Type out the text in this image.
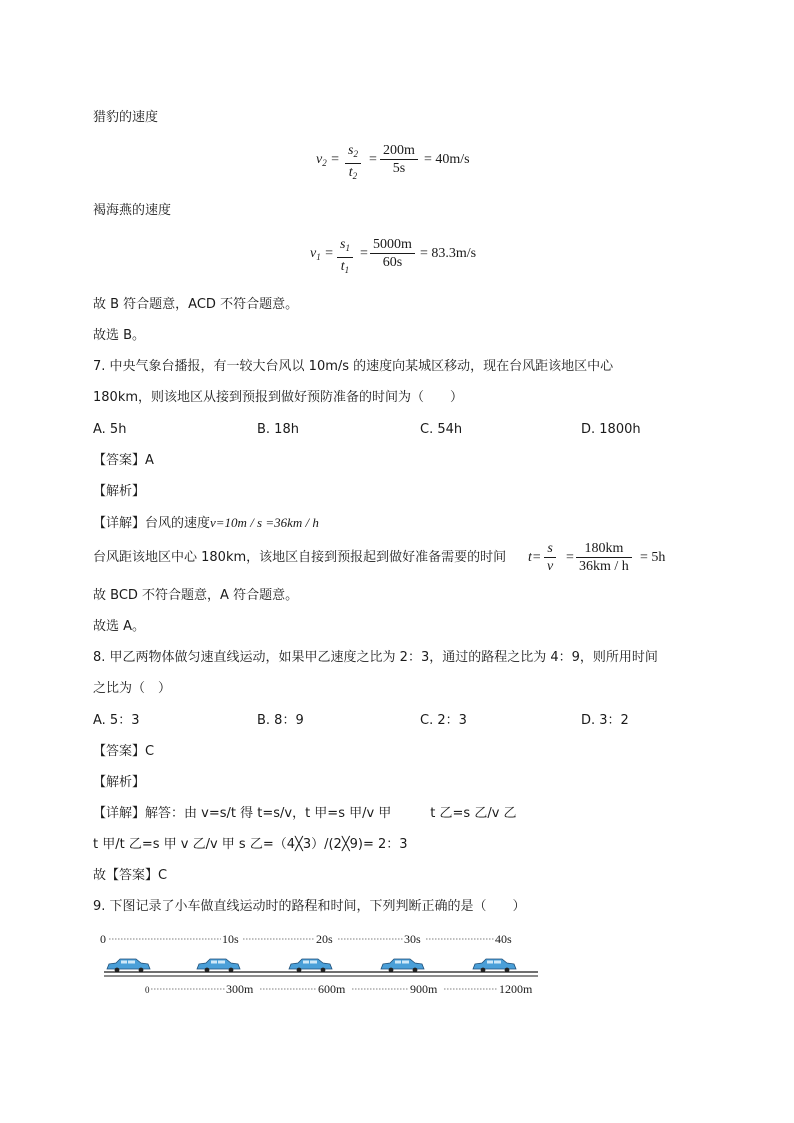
猎豹的速度
$v_2$ =
$s_2$
$t_2$
=
200m
5s
= 40m/s
褐海燕的速度
$v_1$ =
$s_1$
$t_1$
=
5000m
60s
= 83.3m/s
故 B 符合题意，ACD 不符合题意。
故选 B。
7. 中央气象台播报，有一较大台风以 10m/s 的速度向某城区移动，现在台风距该地区中心
180km，则该地区从接到预报到做好预防准备的时间为（　　）
A. 5h	B. 18h	C. 54h	D. 1800h
【答案】A
【解析】
【详解】台风的速度v=10m / s =36km / h
台风距该地区中心 180km，该地区自接到预报起到做好准备需要的时间 t=
s
v
=
180km
36km / h
= 5h
故 BCD 不符合题意，A 符合题意。
故选 A。
8. 甲乙两物体做匀速直线运动，如果甲乙速度之比为 2：3，通过的路程之比为 4：9，则所用时间
之比为（　）
A. 5：3	B. 8：9	C. 2：3	D. 3：2
【答案】C
【解析】
【详解】解答：由 v=s/t 得 t=s/v，t 甲=s 甲/v 甲　　　t 乙=s 乙/v 乙
t 甲/t 乙=s 甲 v 乙/v 甲 s 乙=（4╳3）/(2╳9)= 2：3
故【答案】C
9. 下图记录了小车做直线运动时的路程和时间，下列判断正确的是（　　）
0	10s	20s	30s	40s
0	300m	600m	900m	1200m
